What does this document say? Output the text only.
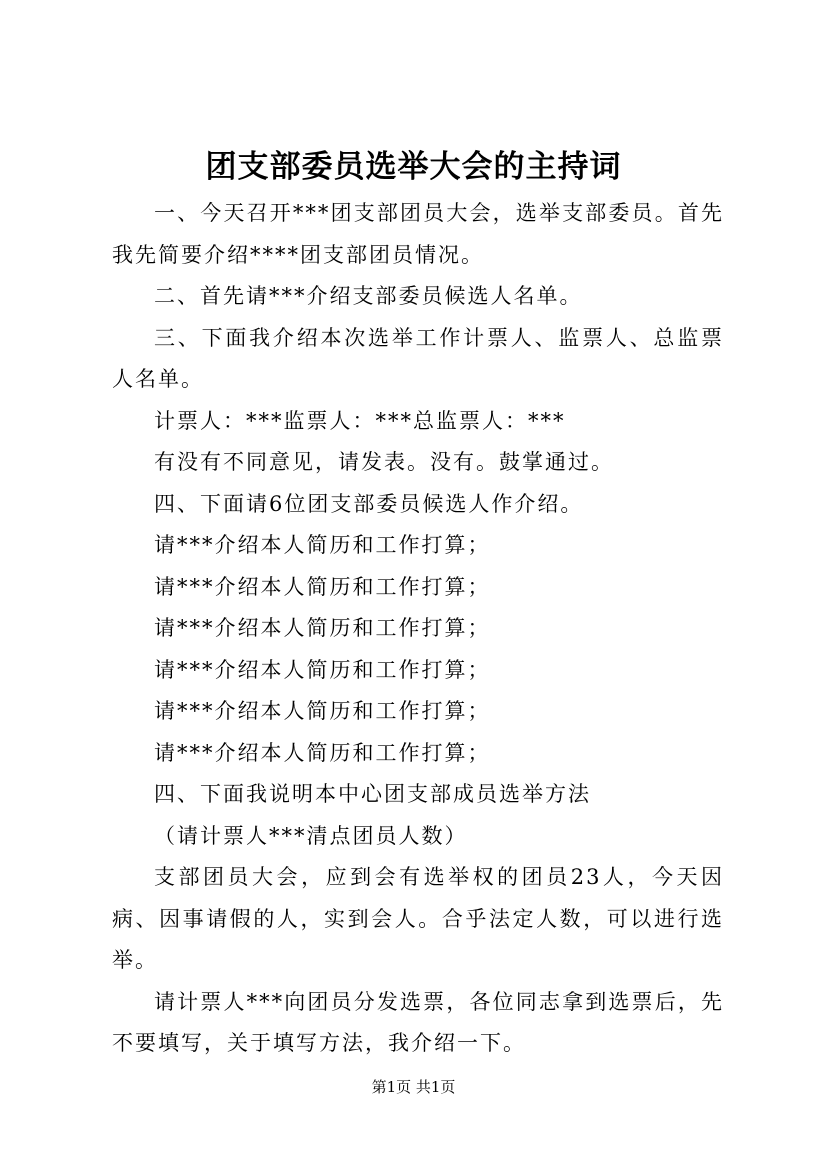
团支部委员选举大会的主持词

一、今天召开***团支部团员大会，选举支部委员。首先我先简要介绍****团支部团员情况。

二、首先请***介绍支部委员候选人名单。

三、下面我介绍本次选举工作计票人、监票人、总监票人名单。

计票人：***监票人：***总监票人：***

有没有不同意见，请发表。没有。鼓掌通过。

四、下面请6位团支部委员候选人作介绍。

请***介绍本人简历和工作打算；

请***介绍本人简历和工作打算；

请***介绍本人简历和工作打算；

请***介绍本人简历和工作打算；

请***介绍本人简历和工作打算；

请***介绍本人简历和工作打算；

四、下面我说明本中心团支部成员选举方法

（请计票人***清点团员人数）

支部团员大会，应到会有选举权的团员23人，今天因病、因事请假的人，实到会人。合乎法定人数，可以进行选举。

请计票人***向团员分发选票，各位同志拿到选票后，先不要填写，关于填写方法，我介绍一下。

第1页 共1页
